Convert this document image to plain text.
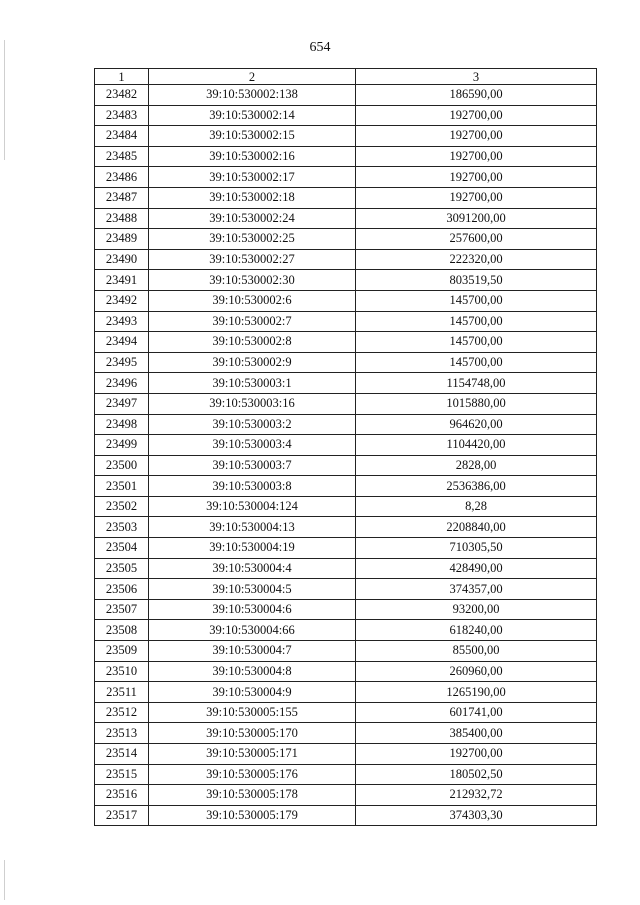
654
1	2	3
23482	39:10:530002:138	186590,00
23483	39:10:530002:14	192700,00
23484	39:10:530002:15	192700,00
23485	39:10:530002:16	192700,00
23486	39:10:530002:17	192700,00
23487	39:10:530002:18	192700,00
23488	39:10:530002:24	3091200,00
23489	39:10:530002:25	257600,00
23490	39:10:530002:27	222320,00
23491	39:10:530002:30	803519,50
23492	39:10:530002:6	145700,00
23493	39:10:530002:7	145700,00
23494	39:10:530002:8	145700,00
23495	39:10:530002:9	145700,00
23496	39:10:530003:1	1154748,00
23497	39:10:530003:16	1015880,00
23498	39:10:530003:2	964620,00
23499	39:10:530003:4	1104420,00
23500	39:10:530003:7	2828,00
23501	39:10:530003:8	2536386,00
23502	39:10:530004:124	8,28
23503	39:10:530004:13	2208840,00
23504	39:10:530004:19	710305,50
23505	39:10:530004:4	428490,00
23506	39:10:530004:5	374357,00
23507	39:10:530004:6	93200,00
23508	39:10:530004:66	618240,00
23509	39:10:530004:7	85500,00
23510	39:10:530004:8	260960,00
23511	39:10:530004:9	1265190,00
23512	39:10:530005:155	601741,00
23513	39:10:530005:170	385400,00
23514	39:10:530005:171	192700,00
23515	39:10:530005:176	180502,50
23516	39:10:530005:178	212932,72
23517	39:10:530005:179	374303,30
